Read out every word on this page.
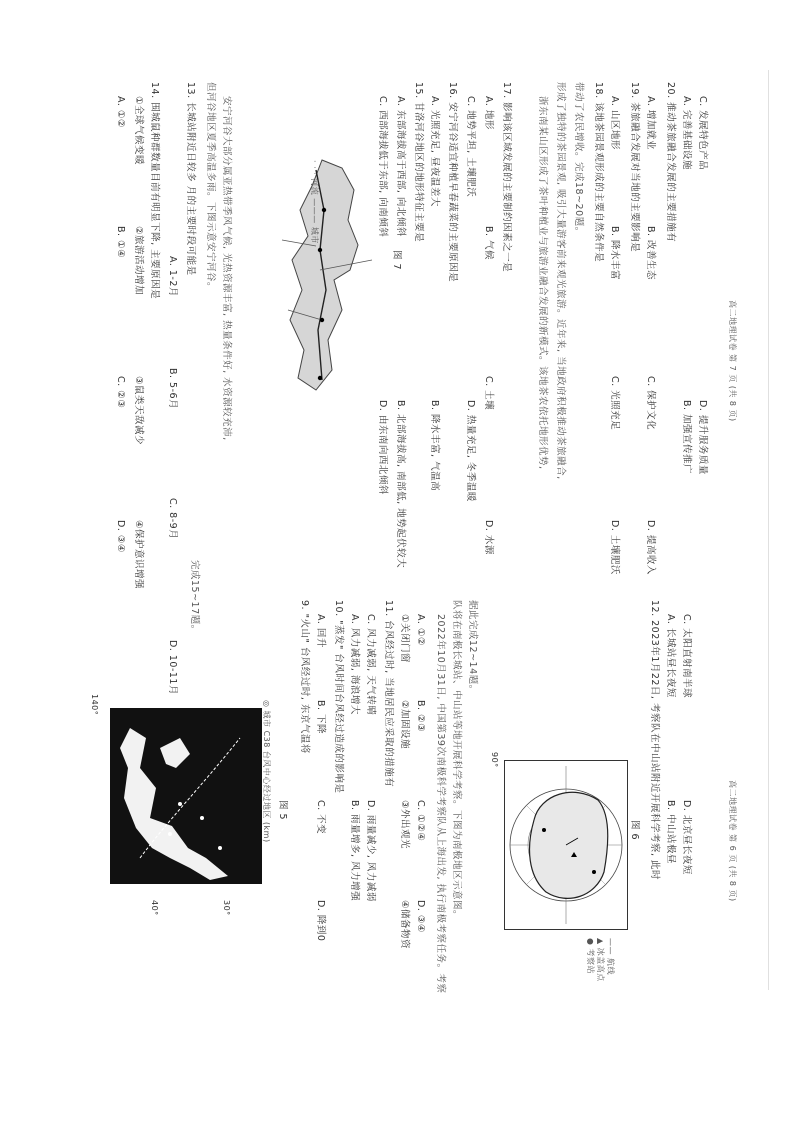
13. 长城站附近日较多 月的主要时段可能是
A. 1-2月
B. 5-6月
C. 8-9月
D. 10-11月
14. 围城鼠种群数量目前有明显下降, 主要原因是
①全球气候变暖
②旅游活动增加
③鼠类天敌减少
④保护意识增强
A. ①②
B. ①④
C. ②③
D. ③④
安宁河谷大部分属亚热带季风气候, 光热资源丰富, 热量条件好, 水资源较充沛,
但河谷地区夏季高温多雨。下图示意安宁河谷。
完成15~17题。
图 7
· · · 河流 ——— 城市	15. 甘洛河谷地区的地形特征主要是
A. 东部海拔高于西部, 向北倾斜
B. 北部海拔高, 南部低, 地势起伏较大
C. 西部海拔低于东部, 向南倾斜
D. 由东南向西北倾斜
16. 安宁河谷适宜种植早春蔬菜的主要原因是
A. 光照充足, 昼夜温差大
B. 降水丰富, 气温高
C. 地势平坦, 土壤肥沃
D. 热量充足, 冬季温暖
17. 影响该区域发展的主要制约因素之一是
A. 地形
B. 气候
C. 土壤
D. 水源
浙东南某山区形成了茶叶种植业与旅游业融合发展的新模式。该地茶农依托地形优势, 形成了独特的茶园景观, 吸引大量游客前来观光旅游。近年来, 当地政府积极推动茶旅融合, 带动了农民增收。完成18~20题。 18. 该地茶园景观形成的主要自然条件是 A. 山区地形
B. 降水丰富
C. 光照充足
D. 土壤肥沃
19. 茶旅融合发展对当地的主要影响是 A. 增加就业
B. 改善生态
C. 保护文化
D. 提高收入
20. 推动茶旅融合发展的主要措施有 A. 完善基础设施
B. 加强宣传推广
C. 发展特色产品
D. 提升服务质量
高二地理试卷 第 7 页 (共 8 页)
140°
40°	30°
◎ 城市 C38 台风中心经过地区 (km) 图 5
9. "火山" 台风经过时, 东京气温将 A. 回升
B. 下降
C. 不变
D. 降到0
10. "蒸发" 台风时间台风经过造成的影响是 A. 风力减弱, 海浪增大
B. 雨量增多, 风力增强
C. 风力减弱, 天气转晴
D. 雨量减少, 风力减弱
11. 台风经过时, 当地居民应采取的措施有 ①关闭门窗
②加固设施
③外出观光
④储备物资
A. ①②
B. ②③
C. ①②④
D. ③④ 2022年10月31日, 中国第39次南极科学考察队从上海出发, 执行南极考察任务。考察 队将在南极长城站、中山站等地开展科学考察。下图为南极地区示意图。 据此完成12~14题。
图 6
● 考察站 ▲ 冰盖高点 —— 航线
90°	12. 2023年1月22日, 考察队在中山站附近开展科学考察, 此时 A. 长城站昼长夜短
B. 中山站极昼
C. 太阳直射南半球
D. 北京昼长夜短	高二地理试卷 第 6 页 (共 8 页)
